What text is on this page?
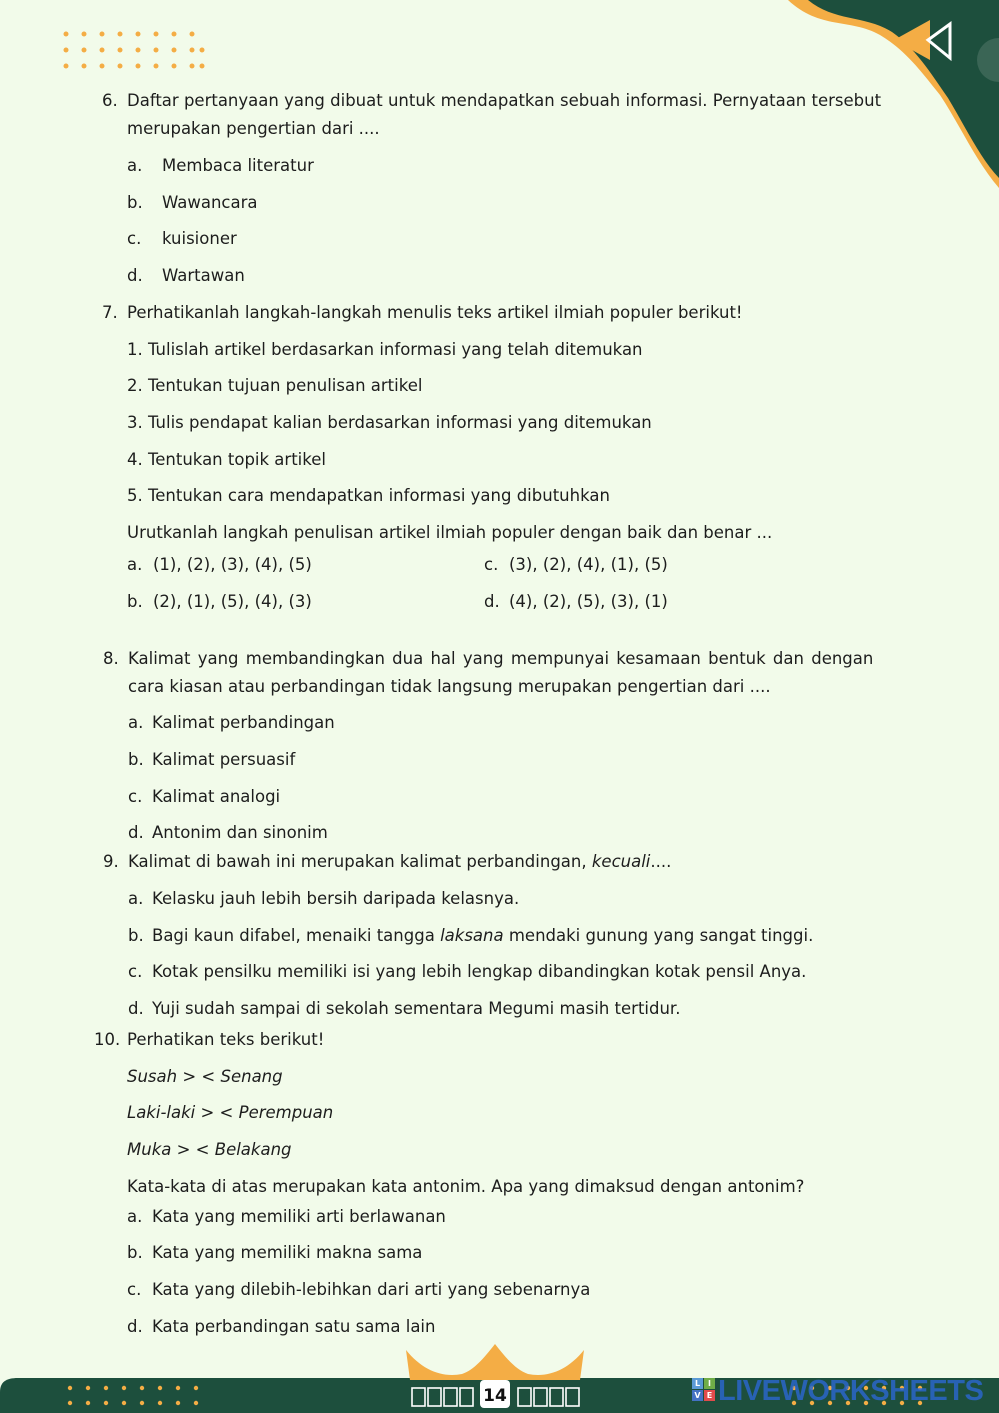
6. Daftar pertanyaan yang dibuat untuk mendapatkan sebuah informasi. Pernyataan tersebut
merupakan pengertian dari ....
a. Membaca literatur
b. Wawancara
c. kuisioner
d. Wartawan
7. Perhatikanlah langkah-langkah menulis teks artikel ilmiah populer berikut!
1. Tulislah artikel berdasarkan informasi yang telah ditemukan
2. Tentukan tujuan penulisan artikel
3. Tulis pendapat kalian berdasarkan informasi yang ditemukan
4. Tentukan topik artikel
5. Tentukan cara mendapatkan informasi yang dibutuhkan
Urutkanlah langkah penulisan artikel ilmiah populer dengan baik dan benar ...
a. (1), (2), (3), (4), (5)
b. (2), (1), (5), (4), (3)
c. (3), (2), (4), (1), (5)
d. (4), (2), (5), (3), (1)
8. Kalimat yang membandingkan dua hal yang mempunyai kesamaan bentuk dan dengan
cara kiasan atau perbandingan tidak langsung merupakan pengertian dari ....
a. Kalimat perbandingan
b. Kalimat persuasif
c. Kalimat analogi
d. Antonim dan sinonim
9. Kalimat di bawah ini merupakan kalimat perbandingan, kecuali....
a. Kelasku jauh lebih bersih daripada kelasnya.
b. Bagi kaun difabel, menaiki tangga laksana mendaki gunung yang sangat tinggi.
c. Kotak pensilku memiliki isi yang lebih lengkap dibandingkan kotak pensil Anya.
d. Yuji sudah sampai di sekolah sementara Megumi masih tertidur.
10. Perhatikan teks berikut!
Susah > < Senang
Laki-laki > < Perempuan
Muka > < Belakang
Kata-kata di atas merupakan kata antonim. Apa yang dimaksud dengan antonim?
a. Kata yang memiliki arti berlawanan
b. Kata yang memiliki makna sama
c. Kata yang dilebih-lebihkan dari arti yang sebenarnya
d. Kata perbandingan satu sama lain
14
L I
V E LIVEWORKSHEETS
